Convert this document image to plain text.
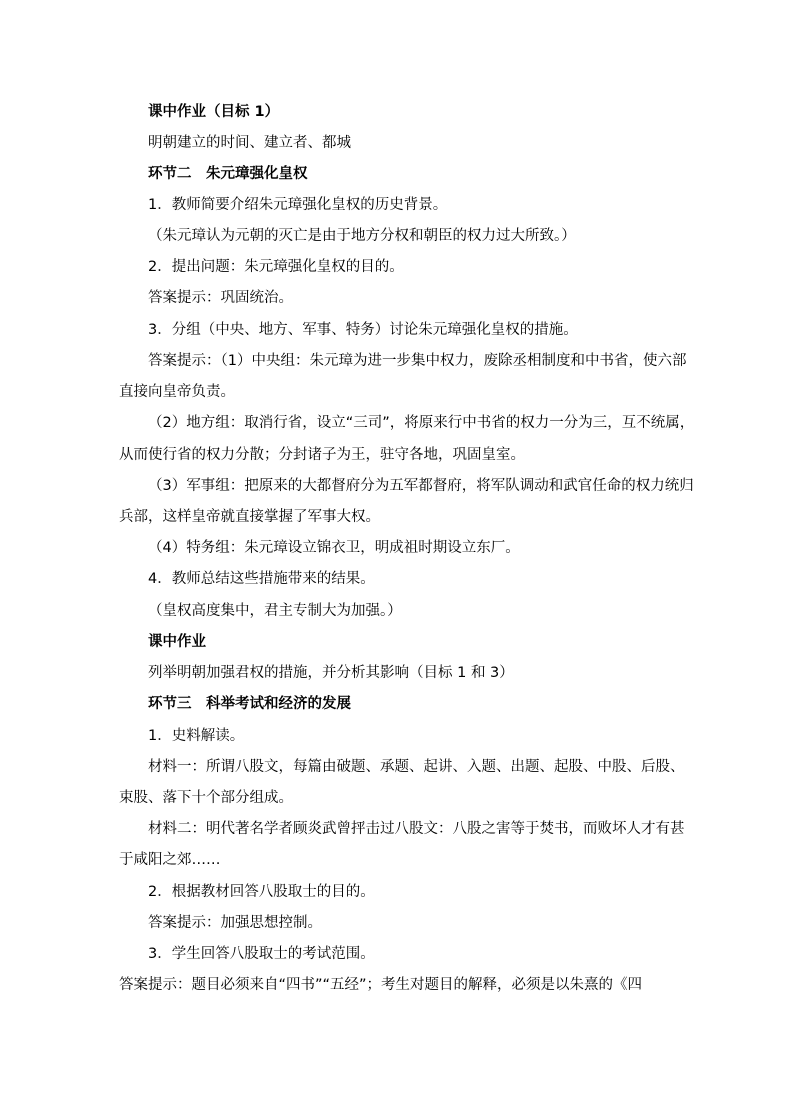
课中作业（目标 1）
明朝建立的时间、建立者、都城
环节二　朱元璋强化皇权
1．教师简要介绍朱元璋强化皇权的历史背景。
（朱元璋认为元朝的灭亡是由于地方分权和朝臣的权力过大所致。）
2．提出问题：朱元璋强化皇权的目的。
答案提示：巩固统治。
3．分组（中央、地方、军事、特务）讨论朱元璋强化皇权的措施。
答案提示：（1）中央组：朱元璋为进一步集中权力，废除丞相制度和中书省，使六部
直接向皇帝负责。
（2）地方组：取消行省，设立“三司”，将原来行中书省的权力一分为三，互不统属，
从而使行省的权力分散；分封诸子为王，驻守各地，巩固皇室。
（3）军事组：把原来的大都督府分为五军都督府，将军队调动和武官任命的权力统归
兵部，这样皇帝就直接掌握了军事大权。
（4）特务组：朱元璋设立锦衣卫，明成祖时期设立东厂。
4．教师总结这些措施带来的结果。
（皇权高度集中，君主专制大为加强。）
课中作业
列举明朝加强君权的措施，并分析其影响（目标 1 和 3）
环节三　科举考试和经济的发展
1．史料解读。
材料一：所谓八股文，每篇由破题、承题、起讲、入题、出题、起股、中股、后股、
束股、落下十个部分组成。
材料二：明代著名学者顾炎武曾抨击过八股文：八股之害等于焚书，而败坏人才有甚
于咸阳之郊……
2．根据教材回答八股取士的目的。
答案提示：加强思想控制。
3．学生回答八股取士的考试范围。
答案提示：题目必须来自“四书”“五经”；考生对题目的解释，必须是以朱熹的《四
